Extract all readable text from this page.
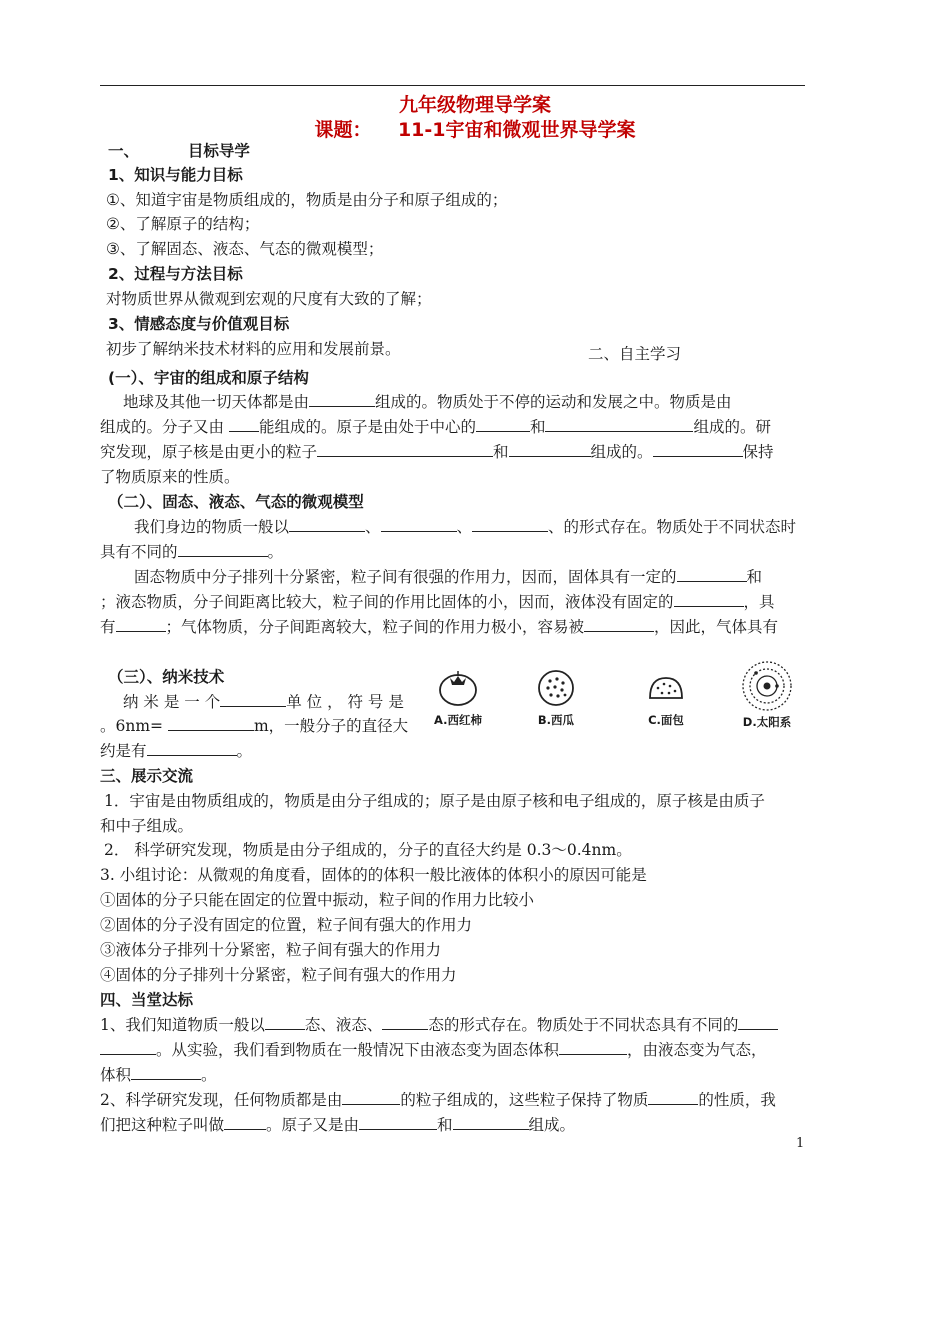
九年级物理导学案
课题：    11-1宇宙和微观世界导学案
一、	目标导学
1、知识与能力目标
①、知道宇宙是物质组成的，物质是由分子和原子组成的；
②、了解原子的结构；
③、了解固态、液态、气态的微观模型；
2、过程与方法目标
对物质世界从微观到宏观的尺度有大致的了解；
3、情感态度与价值观目标
初步了解纳米技术材料的应用和发展前景。	二、自主学习
(一）、宇宙的组成和原子结构
地球及其他一切天体都是由	组成的。物质处于不停的运动和发展之中。物质是由
组成的。分子又由 能组成的。原子是由处于中心的	和	组成的。研
究发现，原子核是由更小的粒子	和	组成的。	保持
了物质原来的性质。
（二）、固态、液态、气态的微观模型
我们身边的物质一般以	、	、	、的形式存在。物质处于不同状态时
具有不同的	。
固态物质中分子排列十分紧密，粒子间有很强的作用力，因而，固体具有一定的	和
；液态物质，分子间距离比较大，粒子间的作用比固体的小，因而，液体没有固定的	，具
有	；气体物质，分子间距离较大，粒子间的作用力极小，容易被	，因此，气体具有
（三）、纳米技术
纳 米 是 一 个	单 位 ， 符 号 是
。6nm=	m，一般分子的直径大
约是有	。
A.西红柿	B.西瓜	C.面包	D.太阳系
三、展示交流
1．宇宙是由物质组成的，物质是由分子组成的；原子是由原子核和电子组成的，原子核是由质子
和中子组成。
2． 科学研究发现，物质是由分子组成的，分子的直径大约是 0.3～0.4nm。
3. 小组讨论：从微观的角度看，固体的的体积一般比液体的体积小的原因可能是
①固体的分子只能在固定的位置中振动，粒子间的作用力比较小
②固体的分子没有固定的位置，粒子间有强大的作用力
③液体分子排列十分紧密，粒子间有强大的作用力
④固体的分子排列十分紧密，粒子间有强大的作用力
四、当堂达标
1、我们知道物质一般以	态、液态、	态的形式存在。物质处于不同状态具有不同的
。从实验，我们看到物质在一般情况下由液态变为固态体积	，由液态变为气态，
体积	。
2、科学研究发现，任何物质都是由	的粒子组成的，这些粒子保持了物质	的性质，我
们把这种粒子叫做	。原子又是由	和	组成。
1
